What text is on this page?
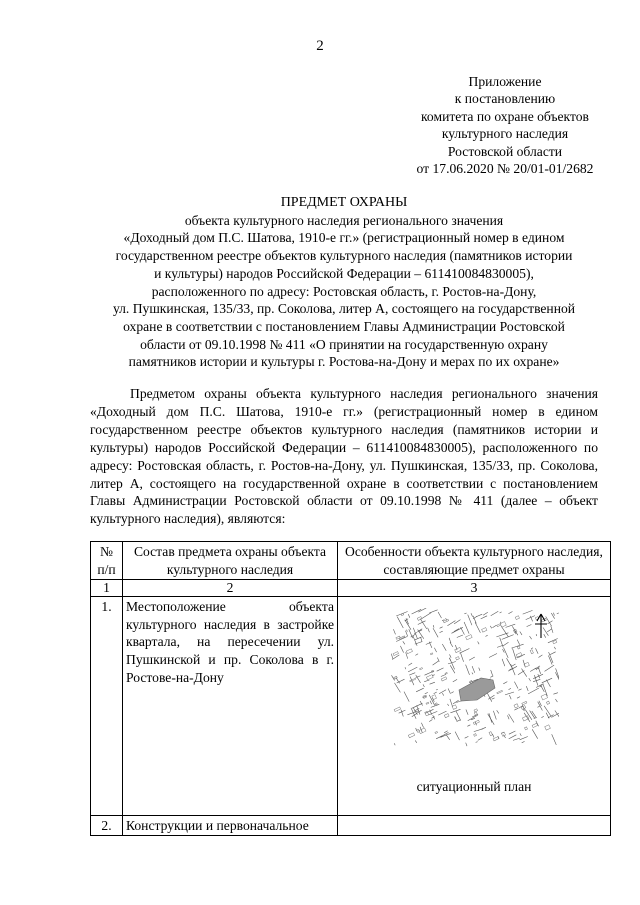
2
Приложение
к постановлению
комитета по охране объектов
культурного наследия
Ростовской области
от 17.06.2020 № 20/01-01/2682
ПРЕДМЕТ ОХРАНЫ
объекта культурного наследия регионального значения
«Доходный дом П.С. Шатова, 1910-е гг.» (регистрационный номер в едином
государственном реестре объектов культурного наследия (памятников истории
и культуры) народов Российской Федерации – 611410084830005),
расположенного по адресу: Ростовская область, г. Ростов-на-Дону,
ул. Пушкинская, 135/33, пр. Соколова, литер А, состоящего на государственной
охране в соответствии с постановлением Главы Администрации Ростовской
области от 09.10.1998 № 411 «О принятии на государственную охрану
памятников истории и культуры г. Ростова-на-Дону и мерах по их охране»

Предметом охраны объекта культурного наследия регионального значения «Доходный дом П.С. Шатова, 1910-е гг.» (регистрационный номер в едином государственном реестре объектов культурного наследия (памятников истории и культуры) народов Российской Федерации – 611410084830005), расположенного по адресу: Ростовская область, г. Ростов-на-Дону, ул. Пушкинская, 135/33, пр. Соколова, литер А, состоящего на государственной охране в соответствии с постановлением Главы Администрации Ростовской области от 09.10.1998 № 411 (далее – объект культурного наследия), являются:

№ п/п	Состав предмета охраны объекта культурного наследия	Особенности объекта культурного наследия, составляющие предмет охраны
1	2	3
1.	Местоположение объекта культурного наследия в застройке квартала, на пересечении ул. Пушкинской и пр. Соколова в г. Ростове-на-Дону	ситуационный план

2.	Конструкции и первоначальное	
